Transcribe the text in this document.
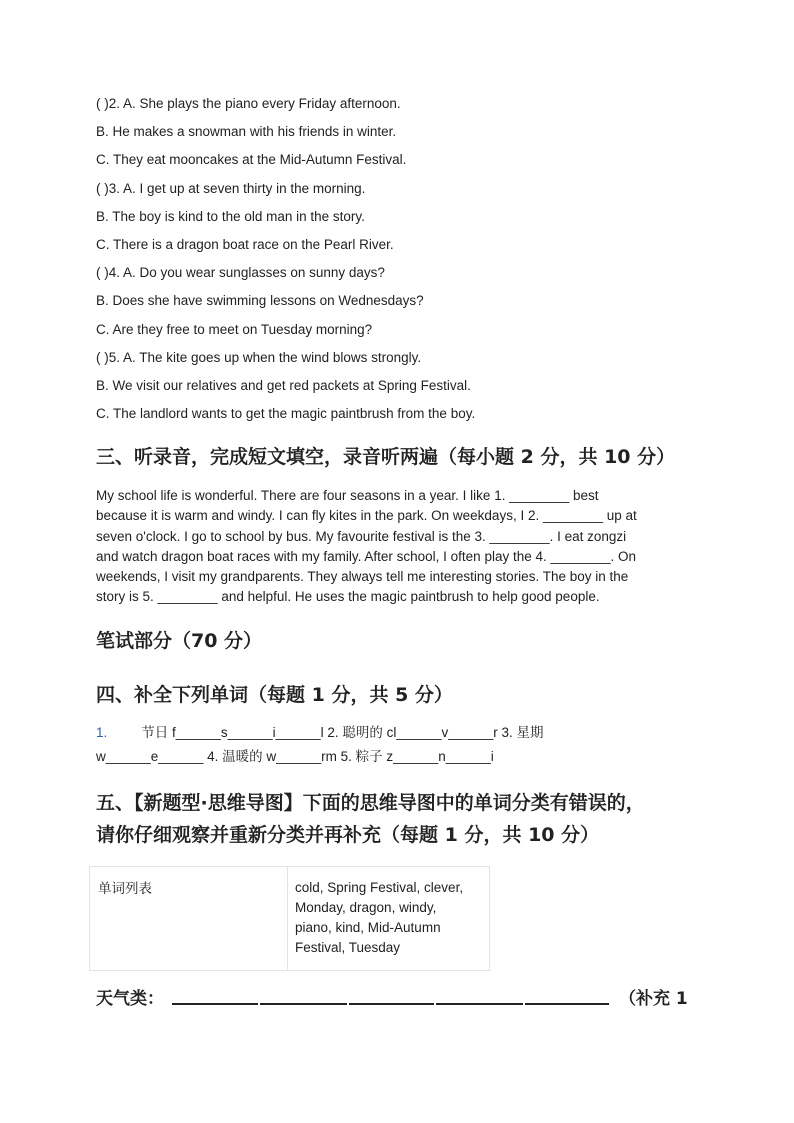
( )2. A. She plays the piano every Friday afternoon.
B. He makes a snowman with his friends in winter.
C. They eat mooncakes at the Mid-Autumn Festival.
( )3. A. I get up at seven thirty in the morning.
B. The boy is kind to the old man in the story.
C. There is a dragon boat race on the Pearl River.
( )4. A. Do you wear sunglasses on sunny days?
B. Does she have swimming lessons on Wednesdays?
C. Are they free to meet on Tuesday morning?
( )5. A. The kite goes up when the wind blows strongly.
B. We visit our relatives and get red packets at Spring Festival.
C. The landlord wants to get the magic paintbrush from the boy.
三、听录音，完成短文填空，录音听两遍（每小题 2 分，共 10 分）
My school life is wonderful. There are four seasons in a year. I like 1. ________ best
because it is warm and windy. I can fly kites in the park. On weekdays, I 2. ________ up at
seven o'clock. I go to school by bus. My favourite festival is the 3. ________. I eat zongzi
and watch dragon boat races with my family. After school, I often play the 4. ________. On
weekends, I visit my grandparents. They always tell me interesting stories. The boy in the
story is 5. ________ and helpful. He uses the magic paintbrush to help good people.
笔试部分（70 分）
四、补全下列单词（每题 1 分，共 5 分）
1.	节日 f______s______i______l 2. 聪明的 cl______v______r 3. 星期
w______e______ 4. 温暖的 w______rm 5. 粽子 z______n______i
五、【新题型·思维导图】下面的思维导图中的单词分类有错误的，
请你仔细观察并重新分类并再补充（每题 1 分，共 10 分）
单词列表	cold, Spring Festival, clever,
Monday, dragon, windy,
piano, kind, Mid-Autumn
Festival, Tuesday
天气类：	（补充 1
